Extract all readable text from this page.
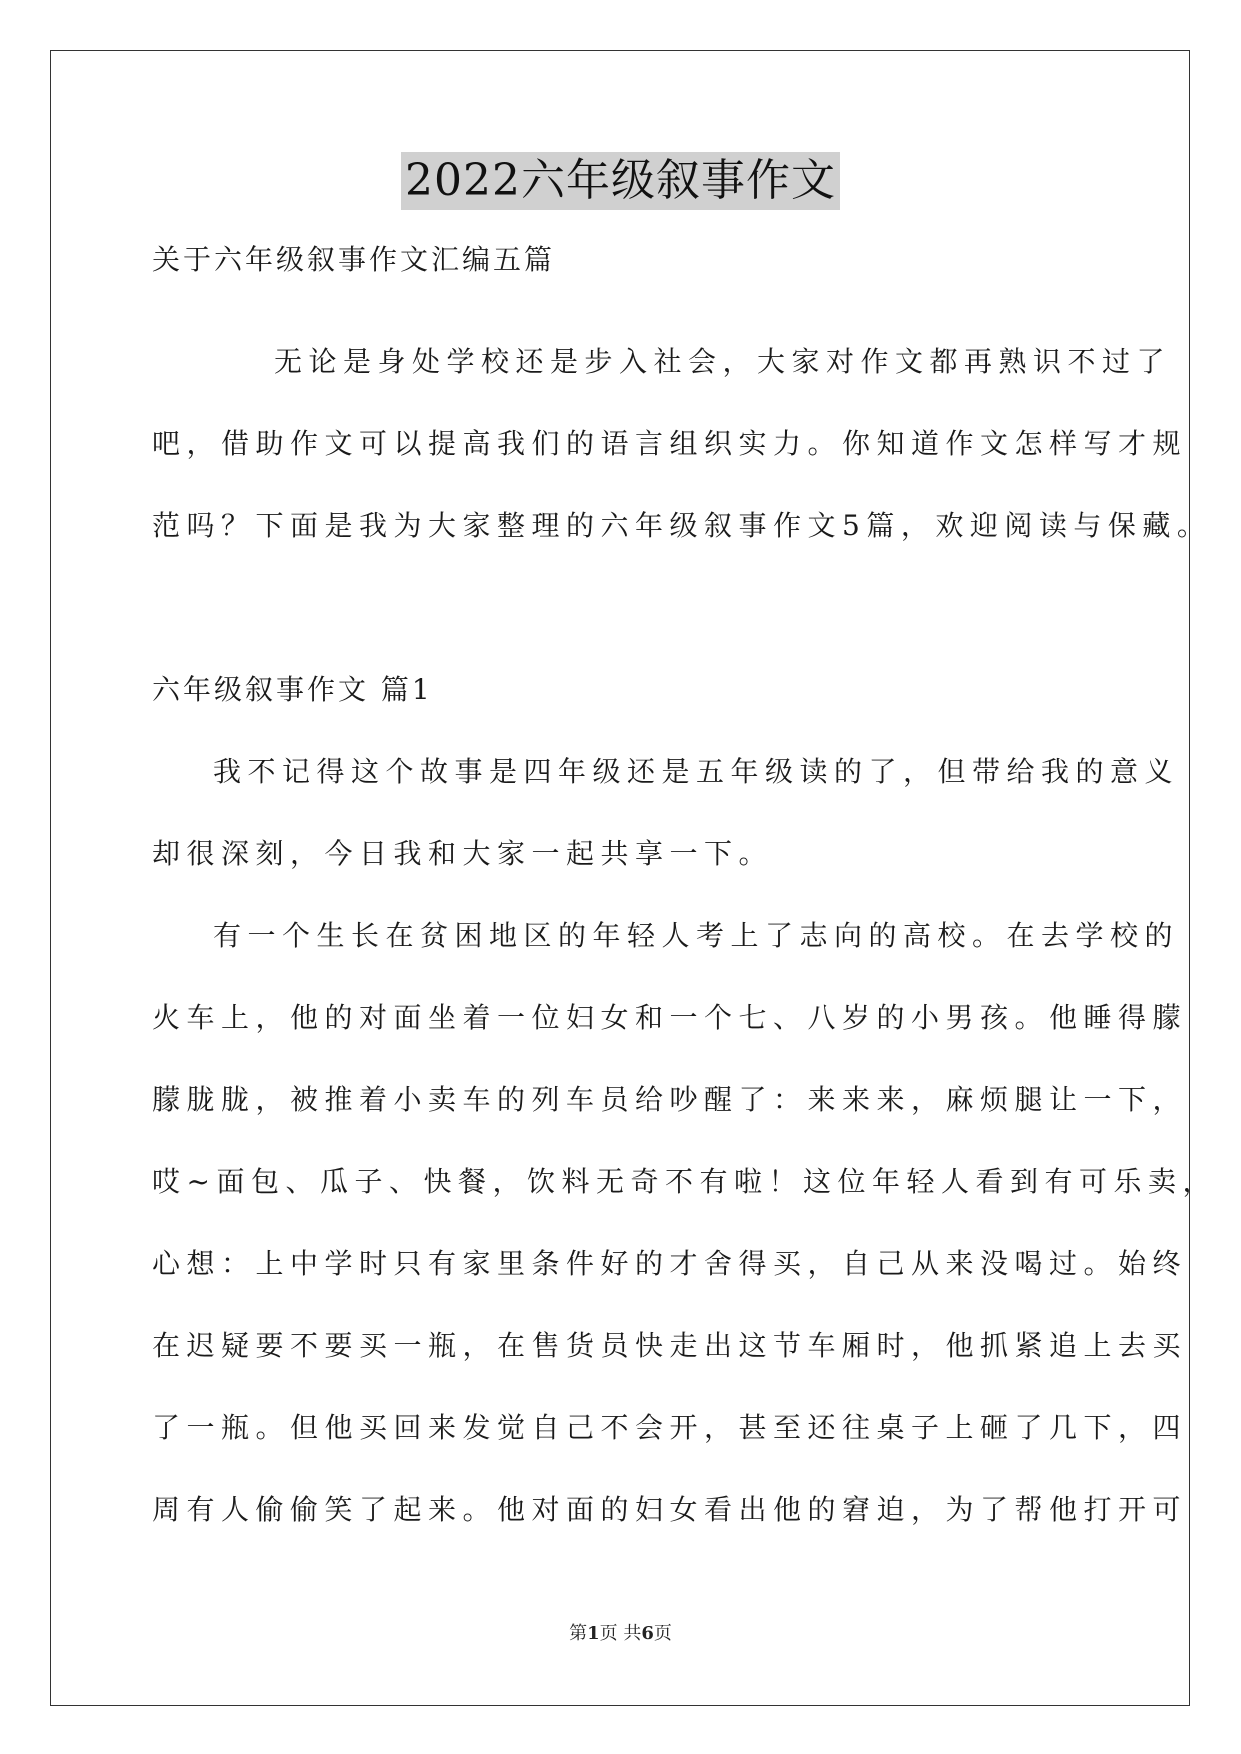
2022六年级叙事作文
关于六年级叙事作文汇编五篇
无论是身处学校还是步入社会，大家对作文都再熟识不过了
吧，借助作文可以提高我们的语言组织实力。你知道作文怎样写才规
范吗？下面是我为大家整理的六年级叙事作文5篇，欢迎阅读与保藏。
六年级叙事作文 篇1
我不记得这个故事是四年级还是五年级读的了，但带给我的意义
却很深刻，今日我和大家一起共享一下。
有一个生长在贫困地区的年轻人考上了志向的高校。在去学校的
火车上，他的对面坐着一位妇女和一个七、八岁的小男孩。他睡得朦
朦胧胧，被推着小卖车的列车员给吵醒了：来来来，麻烦腿让一下，
哎~面包、瓜子、快餐，饮料无奇不有啦！这位年轻人看到有可乐卖，
心想：上中学时只有家里条件好的才舍得买，自己从来没喝过。始终
在迟疑要不要买一瓶，在售货员快走出这节车厢时，他抓紧追上去买
了一瓶。但他买回来发觉自己不会开，甚至还往桌子上砸了几下，四
周有人偷偷笑了起来。他对面的妇女看出他的窘迫，为了帮他打开可
第1页 共6页
